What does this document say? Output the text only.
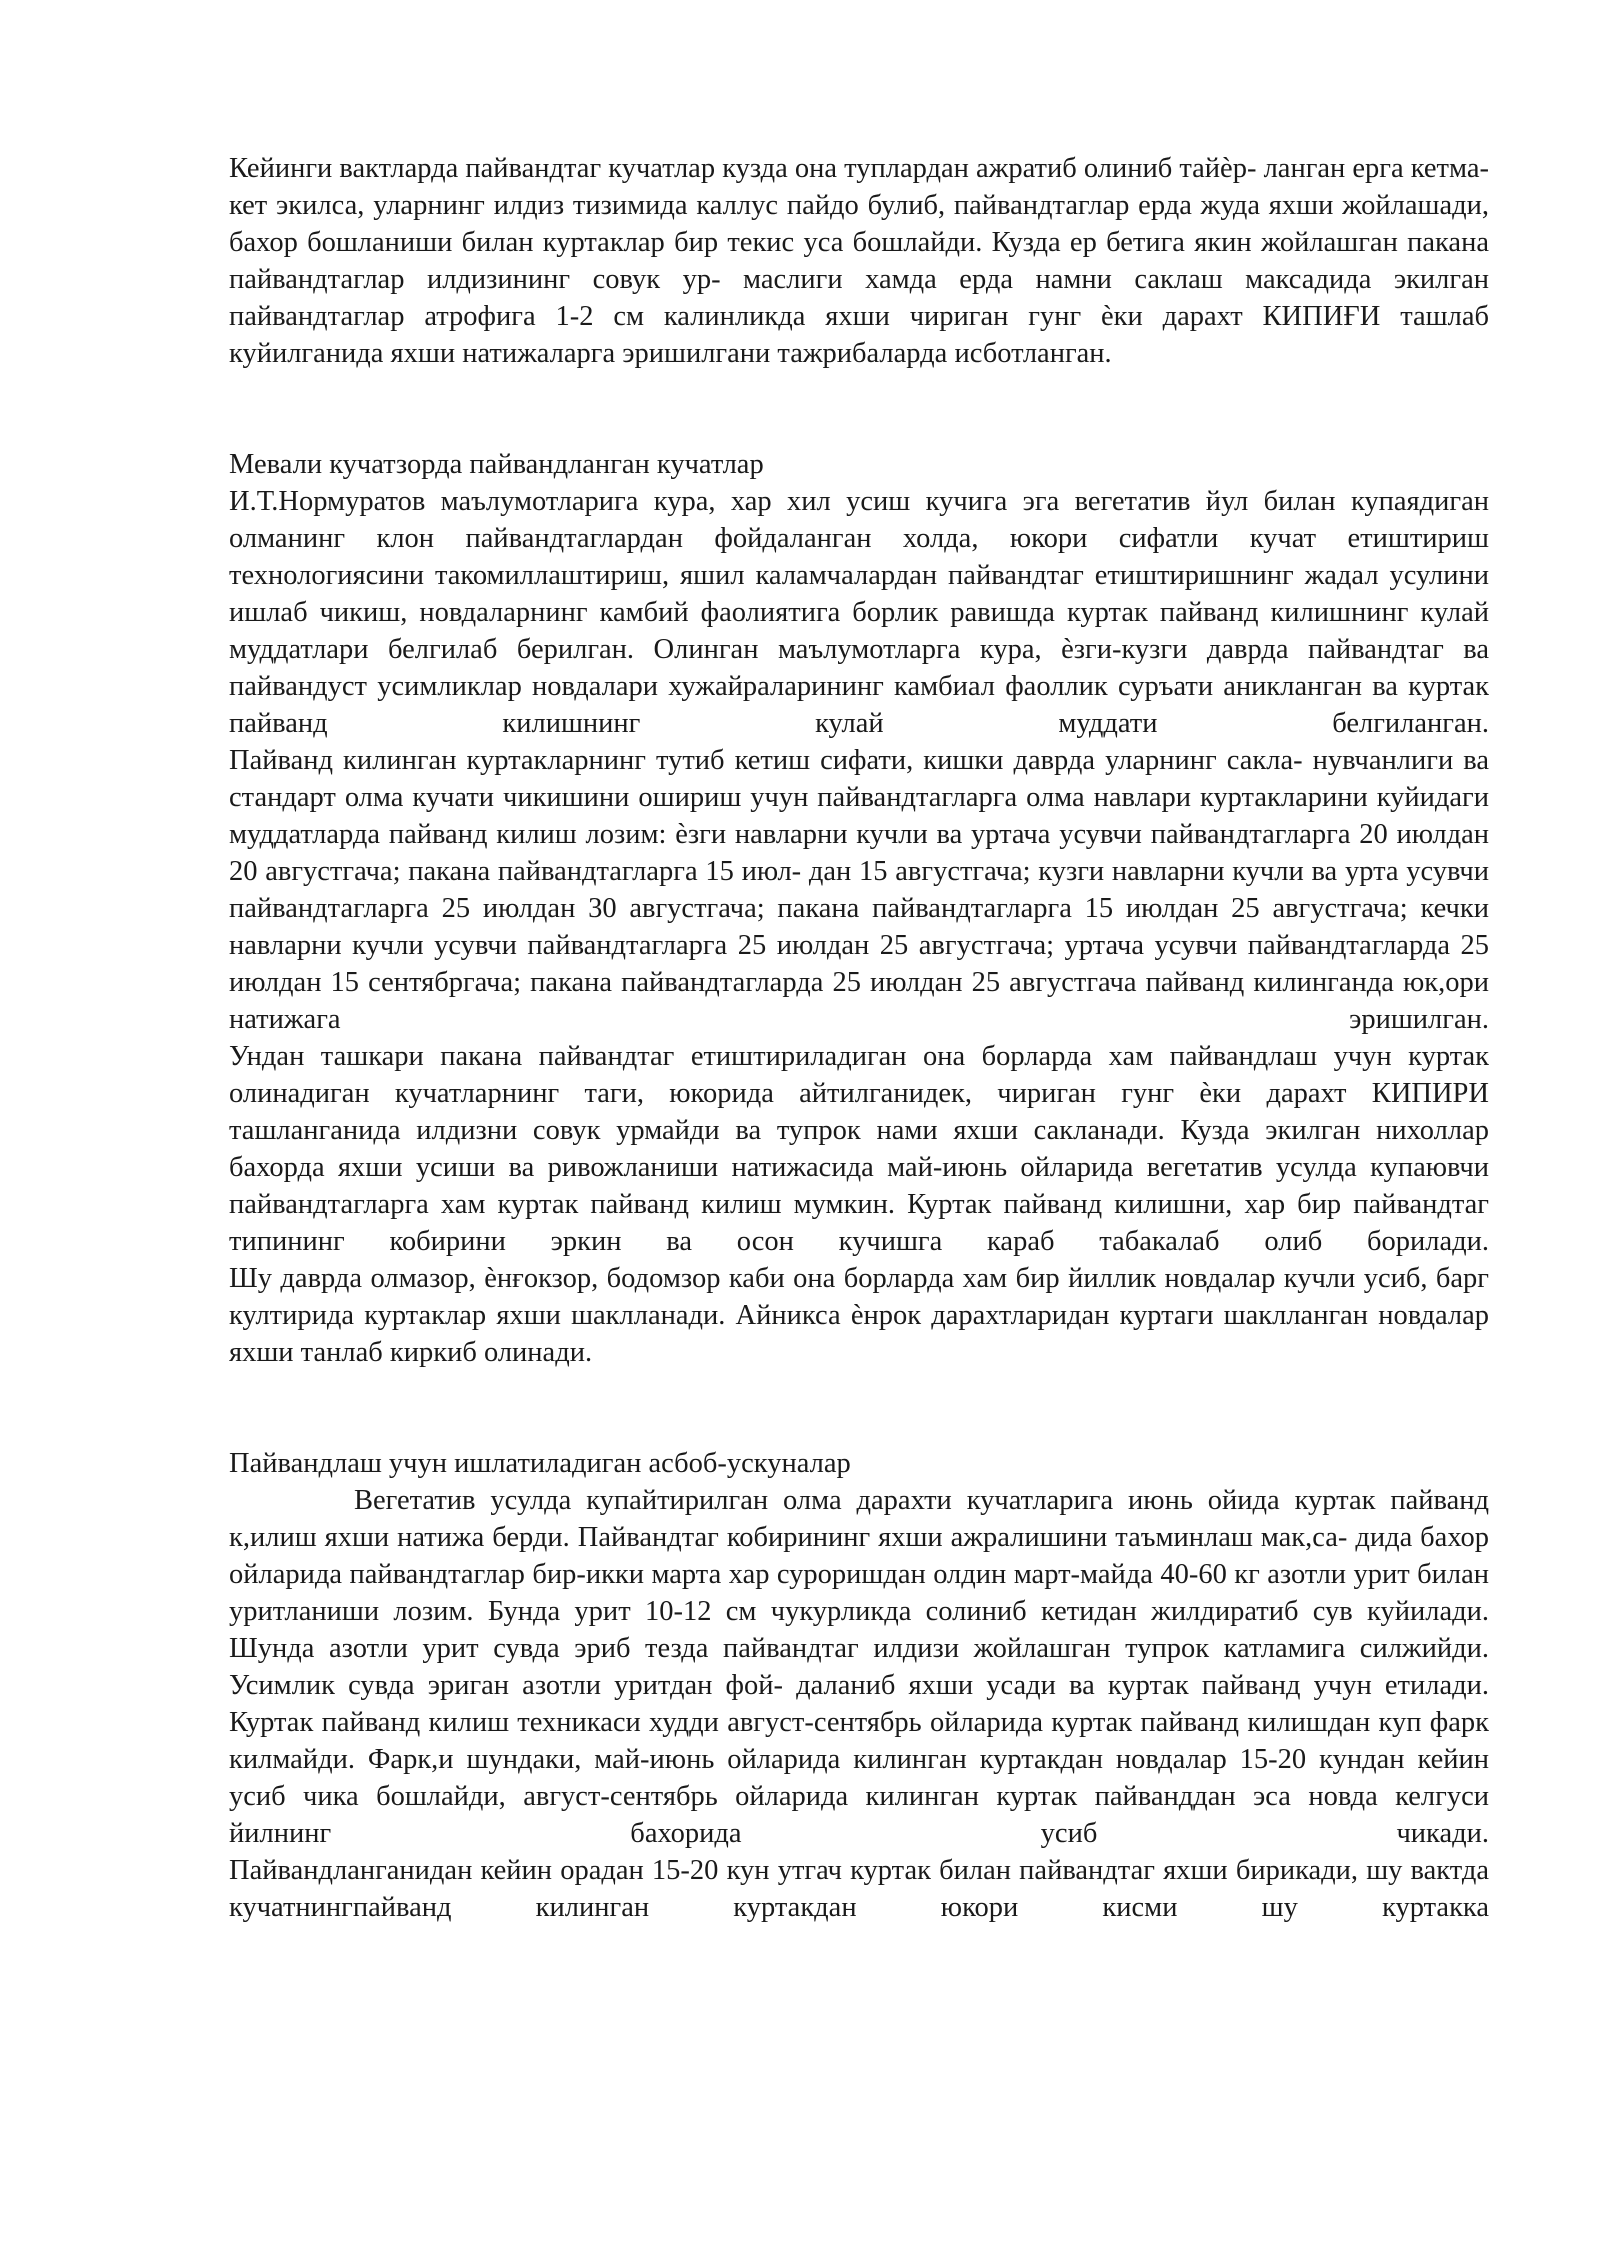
Кейинги вактларда пайвандтаг кучатлар кузда она туплардан ажратиб олиниб тайѐр- ланган ерга кетма-кет экилса, уларнинг илдиз тизимида каллус пайдо булиб, пайвандтаглар ерда жуда яхши жойлашади, бахор бошланиши билан куртаклар бир текис уса бошлайди. Кузда ер бетига якин жойлашган пакана пайвандтаглар илдизининг совук ур- маслиги хамда ерда намни саклаш максадида экилган пайвандтаглар атрофига 1-2 см калинликда яхши чириган гунг ѐки дарахт КИПИҒИ ташлаб куйилганида яхши натижаларга эришилгани тажрибаларда исботланган.

Мевали кучатзорда пайвандланган кучатлар

И.Т.Нормуратов маълумотларига кура, хар хил усиш кучига эга вегетатив йул билан купаядиган олманинг клон пайвандтаглардан фойдаланган холда, юкори сифатли кучат етиштириш технологиясини такомиллаштириш, яшил каламчалардан пайвандтаг етиштиришнинг жадал усулини ишлаб чикиш, новдаларнинг камбий фаолиятига борлик равишда куртак пайванд килишнинг кулай муддатлари белгилаб берилган. Олинган маълумотларга кура, ѐзги-кузги даврда пайвандтаг ва пайвандуст усимликлар новдалари хужайраларининг камбиал фаоллик суръати аникланган ва куртак пайванд килишнинг кулай муддати белгиланган.

Пайванд килинган куртакларнинг тутиб кетиш сифати, кишки даврда уларнинг сакла- нувчанлиги ва стандарт олма кучати чикишини ошириш учун пайвандтагларга олма навлари куртакларини куйидаги муддатларда пайванд килиш лозим: ѐзги навларни кучли ва уртача усувчи пайвандтагларга 20 июлдан 20 августгача; пакана пайвандтагларга 15 июл- дан 15 августгача; кузги навларни кучли ва урта усувчи пайвандтагларга 25 июлдан 30 августгача; пакана пайвандтагларга 15 июлдан 25 августгача; кечки навларни кучли усувчи пайвандтагларга 25 июлдан 25 августгача; уртача усувчи пайвандтагларда 25 июлдан 15 сентябргача; пакана пайвандтагларда 25 июлдан 25 августгача пайванд килинганда юк,ори натижага эришилган.

Ундан ташкари пакана пайвандтаг етиштириладиган она борларда хам пайвандлаш учун куртак олинадиган кучатларнинг таги, юкорида айтилганидек, чириган гунг ѐки дарахт КИПИРИ ташланганида илдизни совук урмайди ва тупрок нами яхши сакланади. Кузда экилган нихоллар бахорда яхши усиши ва ривожланиши натижасида май-июнь ойларида вегетатив усулда купаювчи пайвандтагларга хам куртак пайванд килиш мумкин. Куртак пайванд килишни, хар бир пайвандтаг типининг кобирини эркин ва осон кучишга караб табакалаб олиб борилади.

Шу даврда олмазор, ѐнғокзор, бодомзор каби она борларда хам бир йиллик новдалар кучли усиб, барг култирида куртаклар яхши шаклланади. Айникса ѐнрок дарахтларидан куртаги шаклланган новдалар яхши танлаб киркиб олинади.

Пайвандлаш учун ишлатиладиган асбоб-ускуналар

Вегетатив усулда купайтирилган олма дарахти кучатларига июнь ойида куртак пайванд к,илиш яхши натижа берди. Пайвандтаг кобирининг яхши ажралишини таъминлаш мак,са- дида бахор ойларида пайвандтаглар бир-икки марта хар суроришдан олдин март-майда 40-60 кг азотли урит билан уритланиши лозим. Бунда урит 10-12 см чукурликда солиниб кетидан жилдиратиб сув куйилади. Шунда азотли урит сувда эриб тезда пайвандтаг илдизи жойлашган тупрок катламига силжийди. Усимлик сувда эриган азотли уритдан фой- даланиб яхши усади ва куртак пайванд учун етилади. Куртак пайванд килиш техникаси худди август-сентябрь ойларида куртак пайванд килишдан куп фарк килмайди. Фарк,и шундаки, май-июнь ойларида килинган куртакдан новдалар 15-20 кундан кейин усиб чика бошлайди, август-сентябрь ойларида килинган куртак пайванддан эса новда келгуси йилнинг бахорида усиб чикади.

Пайвандланганидан кейин орадан 15-20 кун утгач куртак билан пайвандтаг яхши бирикади, шу вактда кучатнингпайванд килинган куртакдан юкори кисми шу куртакка
